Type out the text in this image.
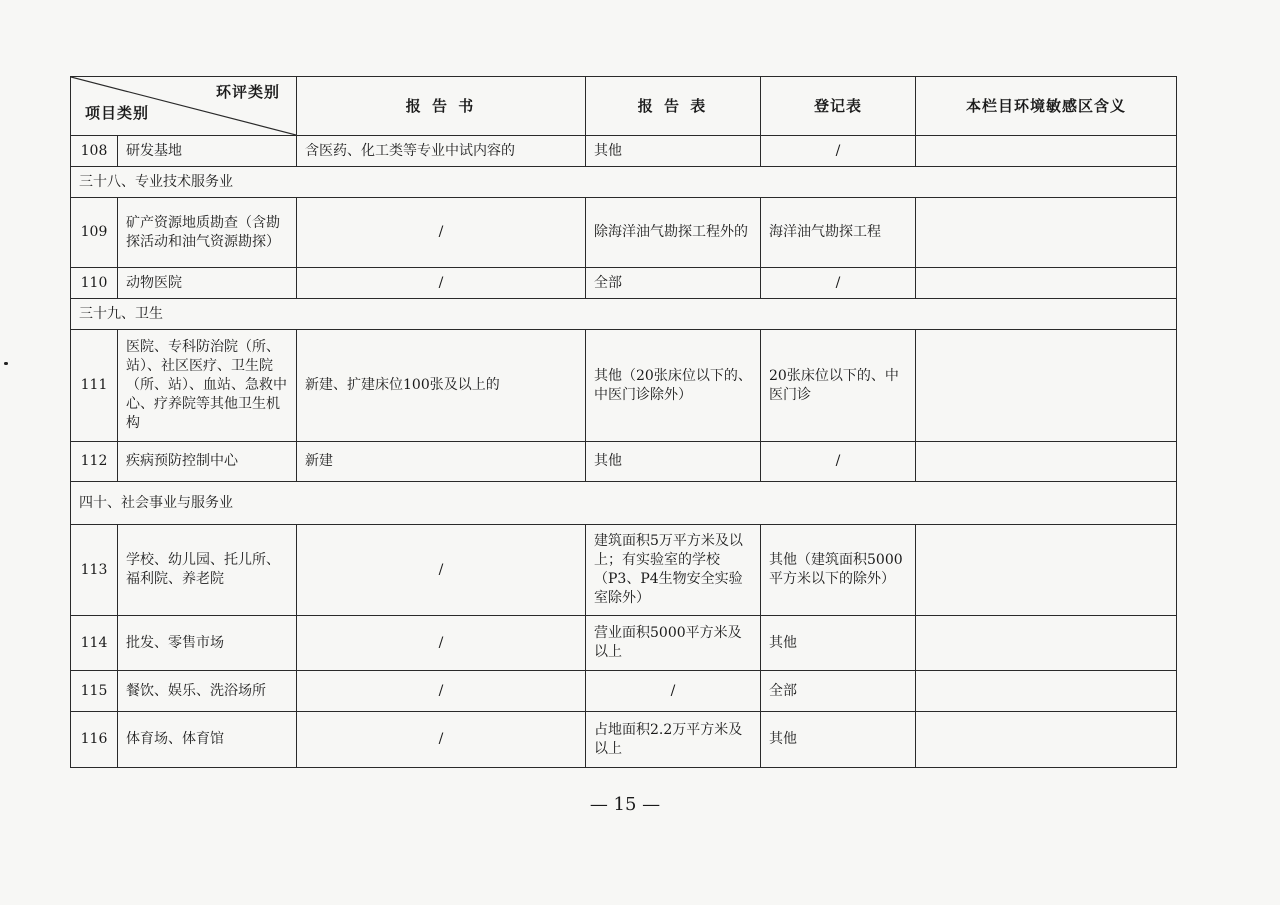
环评类别
项目类别		报 告 书	报 告 表	登记表	本栏目环境敏感区含义
108	研发基地	含医药、化工类等专业中试内容的	其他	/	
三十八、专业技术服务业					
109	矿产资源地质勘查（含勘探活动和油气资源勘探）	/	除海洋油气勘探工程外的	海洋油气勘探工程	
110	动物医院	/	全部	/	
三十九、卫生					
111	医院、专科防治院（所、站）、社区医疗、卫生院（所、站）、血站、急救中心、疗养院等其他卫生机构	新建、扩建床位100张及以上的	其他（20张床位以下的、中医门诊除外）	20张床位以下的、中医门诊	
112	疾病预防控制中心	新建	其他	/	
四十、社会事业与服务业					
113	学校、幼儿园、托儿所、福利院、养老院	/	建筑面积5万平方米及以上；有实验室的学校（P3、P4生物安全实验室除外）	其他（建筑面积5000平方米以下的除外）	
114	批发、零售市场	/	营业面积5000平方米及以上	其他	
115	餐饮、娱乐、洗浴场所	/	/	全部	
116	体育场、体育馆	/	占地面积2.2万平方米及以上	其他	
— 15 —
